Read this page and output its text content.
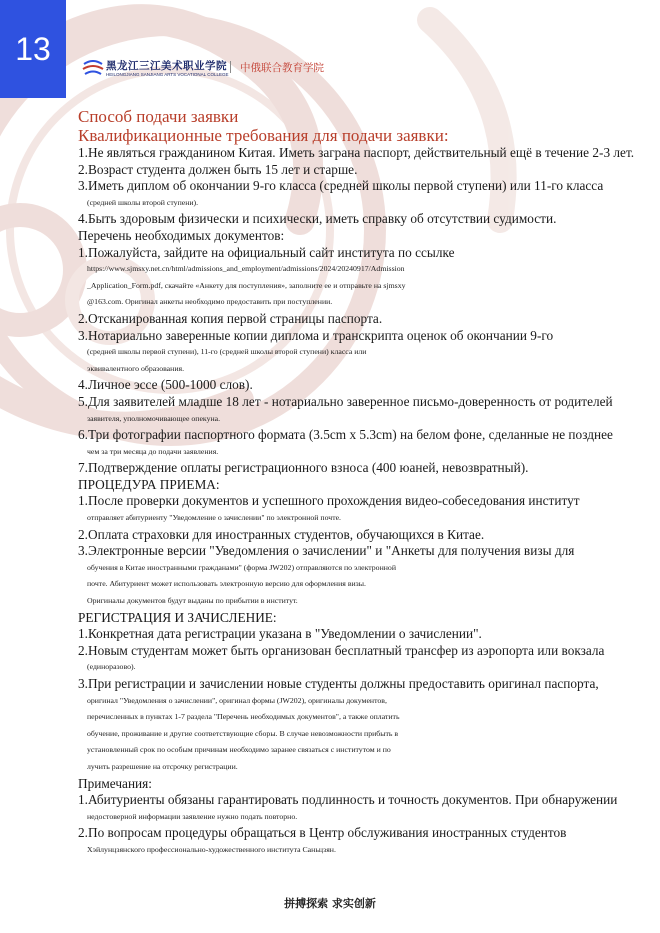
13	黑龙江三江美术职业学院
HEILONGJIANG SANJIANG ARTS VOCATIONAL COLLEGE
中俄联合教育学院
Способ подачи заявки
Квалификационные требования для подачи заявки:
1.Не являться гражданином Китая. Иметь заграна паспорт, действительный ещё в течение 2-3 лет.
2.Возраст студента должен быть 15 лет и старше.
3.Иметь диплом об окончании 9-го класса (средней школы первой ступени) или 11-го класса
(средней школы второй ступени).
4.Быть здоровым физически и психически, иметь справку об отсутствии судимости.
Перечень необходимых документов:
1.Пожалуйста, зайдите на официальный сайт института по ссылке
https://www.sjmsxy.net.cn/html/admissions_and_employment/admissions/2024/20240917/Admission
_Application_Form.pdf, скачайте «Анкету для поступления», заполните ее и отправьте на sjmsxy
@163.com. Оригинал анкеты необходимо предоставить при поступлении.
2.Отсканированная копия первой страницы паспорта.
3.Нотариально заверенные копии диплома и транскрипта оценок об окончании 9-го
(средней школы первой ступени), 11-го (средней школы второй ступени) класса или
эквивалентного образования.
4.Личное эссе (500-1000 слов).
5.Для заявителей младше 18 лет - нотариально заверенное письмо-доверенность от родителей
заявителя, уполномочивающее опекуна.
6.Три фотографии паспортного формата (3.5cm x 5.3cm) на белом фоне, сделанные не позднее
чем за три месяца до подачи заявления.
7.Подтверждение оплаты регистрационного взноса (400 юаней, невозвратный).
ПРОЦЕДУРА ПРИЕМА:
1.После проверки документов и успешного прохождения видео-собеседования институт
отправляет абитуриенту "Уведомление о зачислении" по электронной почте.
2.Оплата страховки для иностранных студентов, обучающихся в Китае.
3.Электронные версии "Уведомления о зачислении" и "Анкеты для получения визы для
обучения в Китае иностранными гражданами" (форма JW202) отправляются по электронной
почте. Абитуриент может использовать электронную версию для оформления визы.
Оригиналы документов будут выданы по прибытии в институт.
РЕГИСТРАЦИЯ И ЗАЧИСЛЕНИЕ:
1.Конкретная дата регистрации указана в "Уведомлении о зачислении".
2.Новым студентам может быть организован бесплатный трансфер из аэропорта или вокзала
(единоразово).
3.При регистрации и зачислении новые студенты должны предоставить оригинал паспорта,
оригинал "Уведомления о зачислении", оригинал формы (JW202), оригиналы документов,
перечисленных в пунктах 1-7 раздела "Перечень необходимых документов", а также оплатить
обучение, проживание и другие соответствующие сборы. В случае невозможности прибыть в
установленный срок по особым причинам необходимо заранее связаться с институтом и по
лучить разрешение на отсрочку регистрации.
Примечания:
1.Абитуриенты обязаны гарантировать подлинность и точность документов. При обнаружении
недостоверной информации заявление нужно подать повторно.
2.По вопросам процедуры обращаться в Центр обслуживания иностранных студентов
Хэйлунцзянского профессионально-художественного института Саньцзян.
拼搏探索 求实创新
